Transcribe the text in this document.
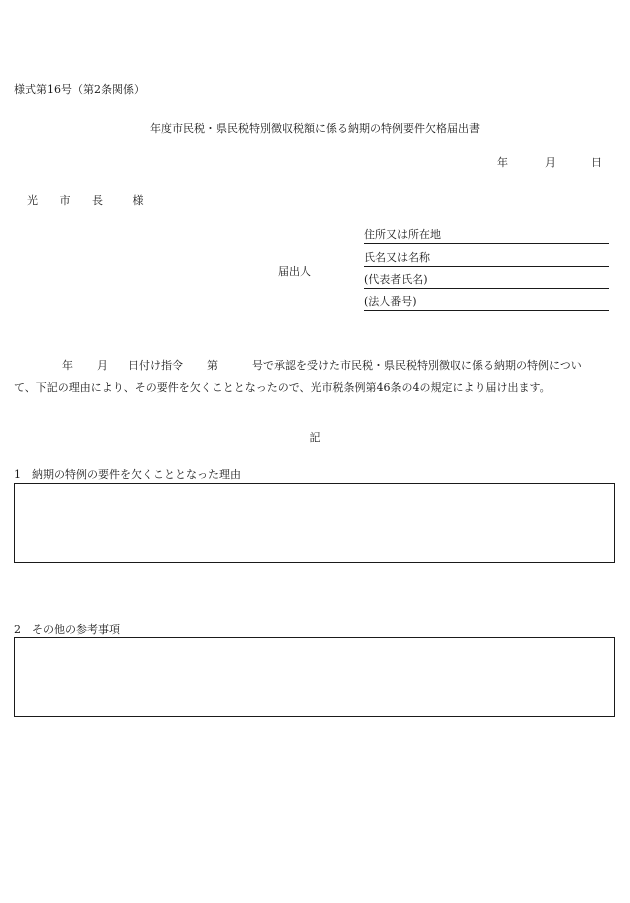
様式第16号（第2条関係）
年度市民税・県民税特別徴収税額に係る納期の特例要件欠格届出書
年	月	日
光 市 長	様
届出人
住所又は所在地
氏名又は名称
(代表者氏名)
(法人番号)
年 月 日付け指令 第	号で承認を受けた市民税・県民税特別徴収に係る納期の特例につい
て、下記の理由により、その要件を欠くこととなったので、光市税条例第46条の4の規定により届け出ます。
記
1　納期の特例の要件を欠くこととなった理由
2　その他の参考事項
